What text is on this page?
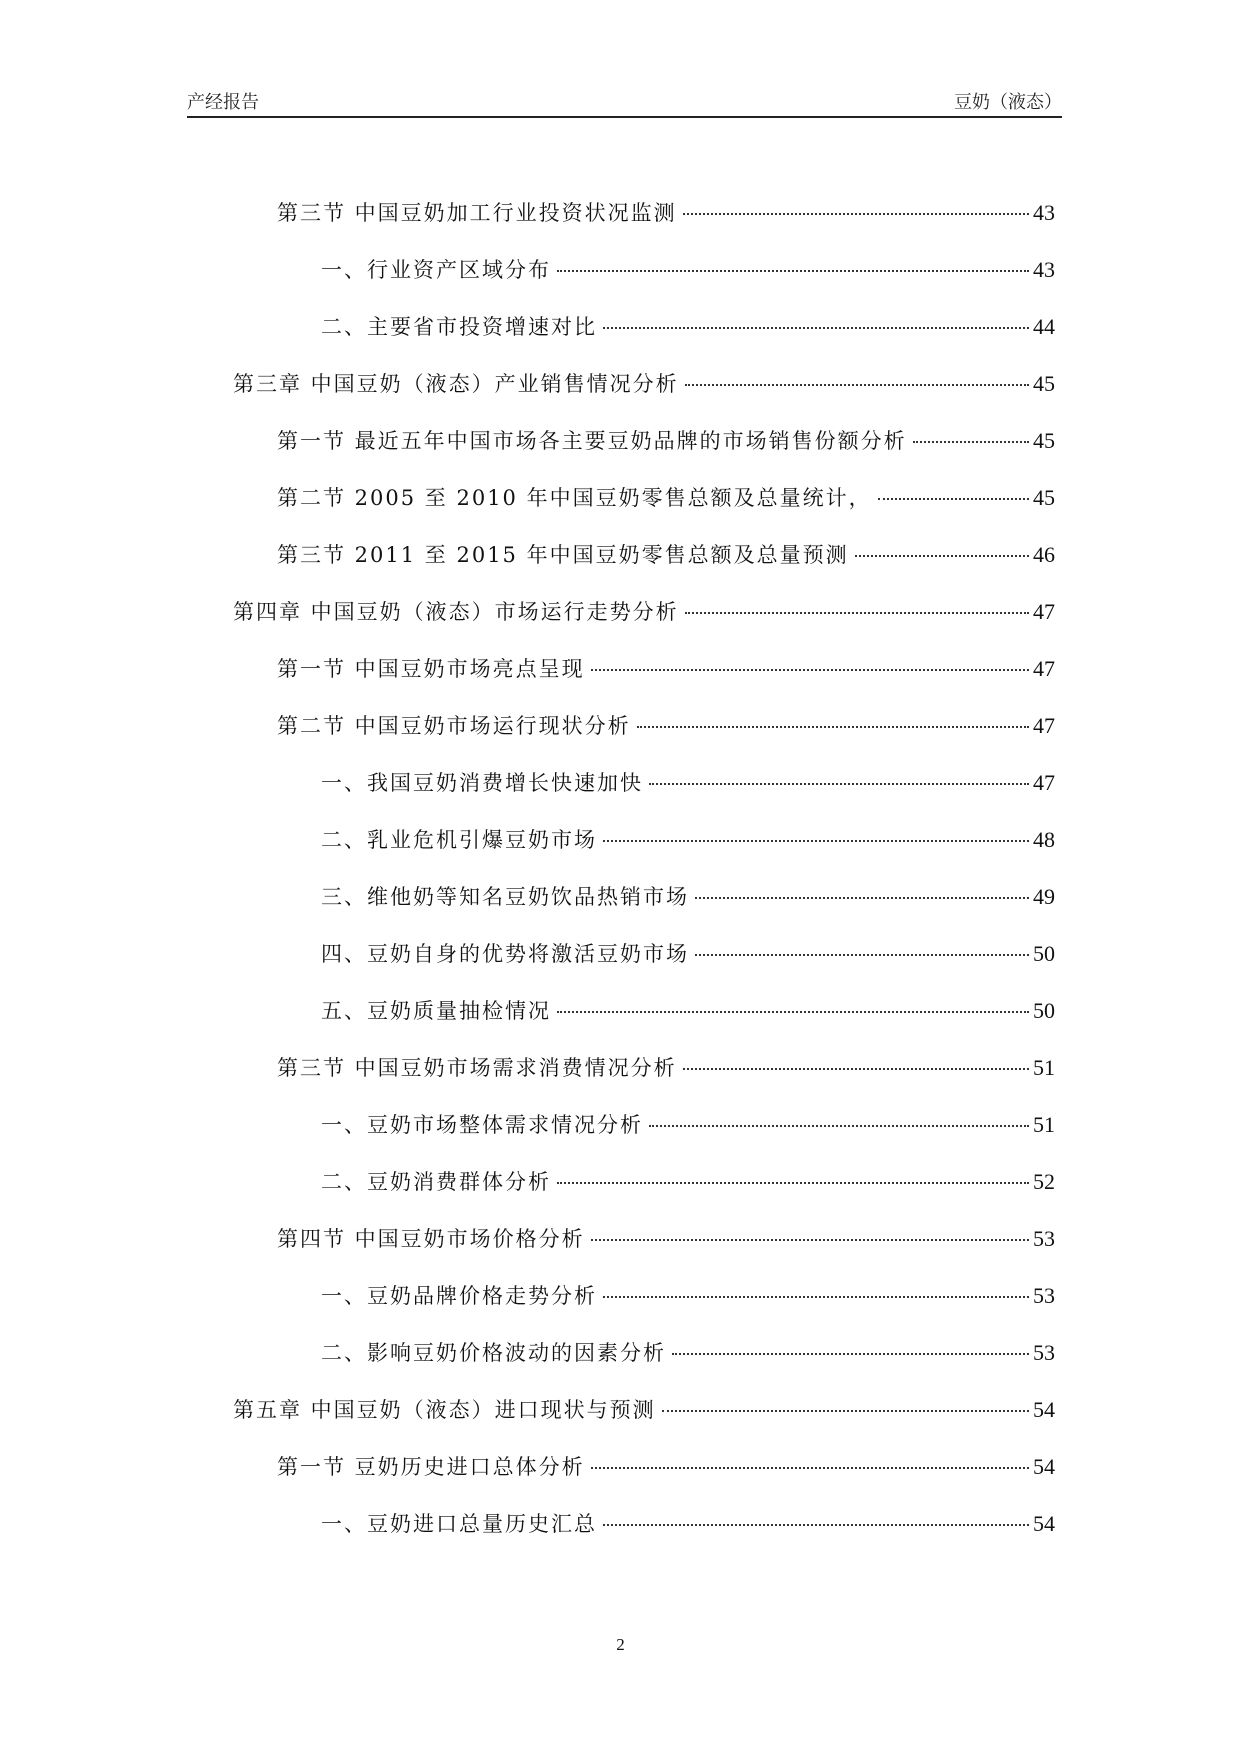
产经报告	豆奶（液态）
第三节 中国豆奶加工行业投资状况监测	43
一、行业资产区域分布	43
二、主要省市投资增速对比	44
第三章 中国豆奶（液态）产业销售情况分析	45
第一节 最近五年中国市场各主要豆奶品牌的市场销售份额分析	45
第二节 2005 至 2010 年中国豆奶零售总额及总量统计，	45
第三节 2011 至 2015 年中国豆奶零售总额及总量预测	46
第四章 中国豆奶（液态）市场运行走势分析	47
第一节 中国豆奶市场亮点呈现	47
第二节 中国豆奶市场运行现状分析	47
一、我国豆奶消费增长快速加快	47
二、乳业危机引爆豆奶市场	48
三、维他奶等知名豆奶饮品热销市场	49
四、豆奶自身的优势将激活豆奶市场	50
五、豆奶质量抽检情况	50
第三节 中国豆奶市场需求消费情况分析	51
一、豆奶市场整体需求情况分析	51
二、豆奶消费群体分析	52
第四节 中国豆奶市场价格分析	53
一、豆奶品牌价格走势分析	53
二、影响豆奶价格波动的因素分析	53
第五章 中国豆奶（液态）进口现状与预测	54
第一节 豆奶历史进口总体分析	54
一、豆奶进口总量历史汇总	54
2
